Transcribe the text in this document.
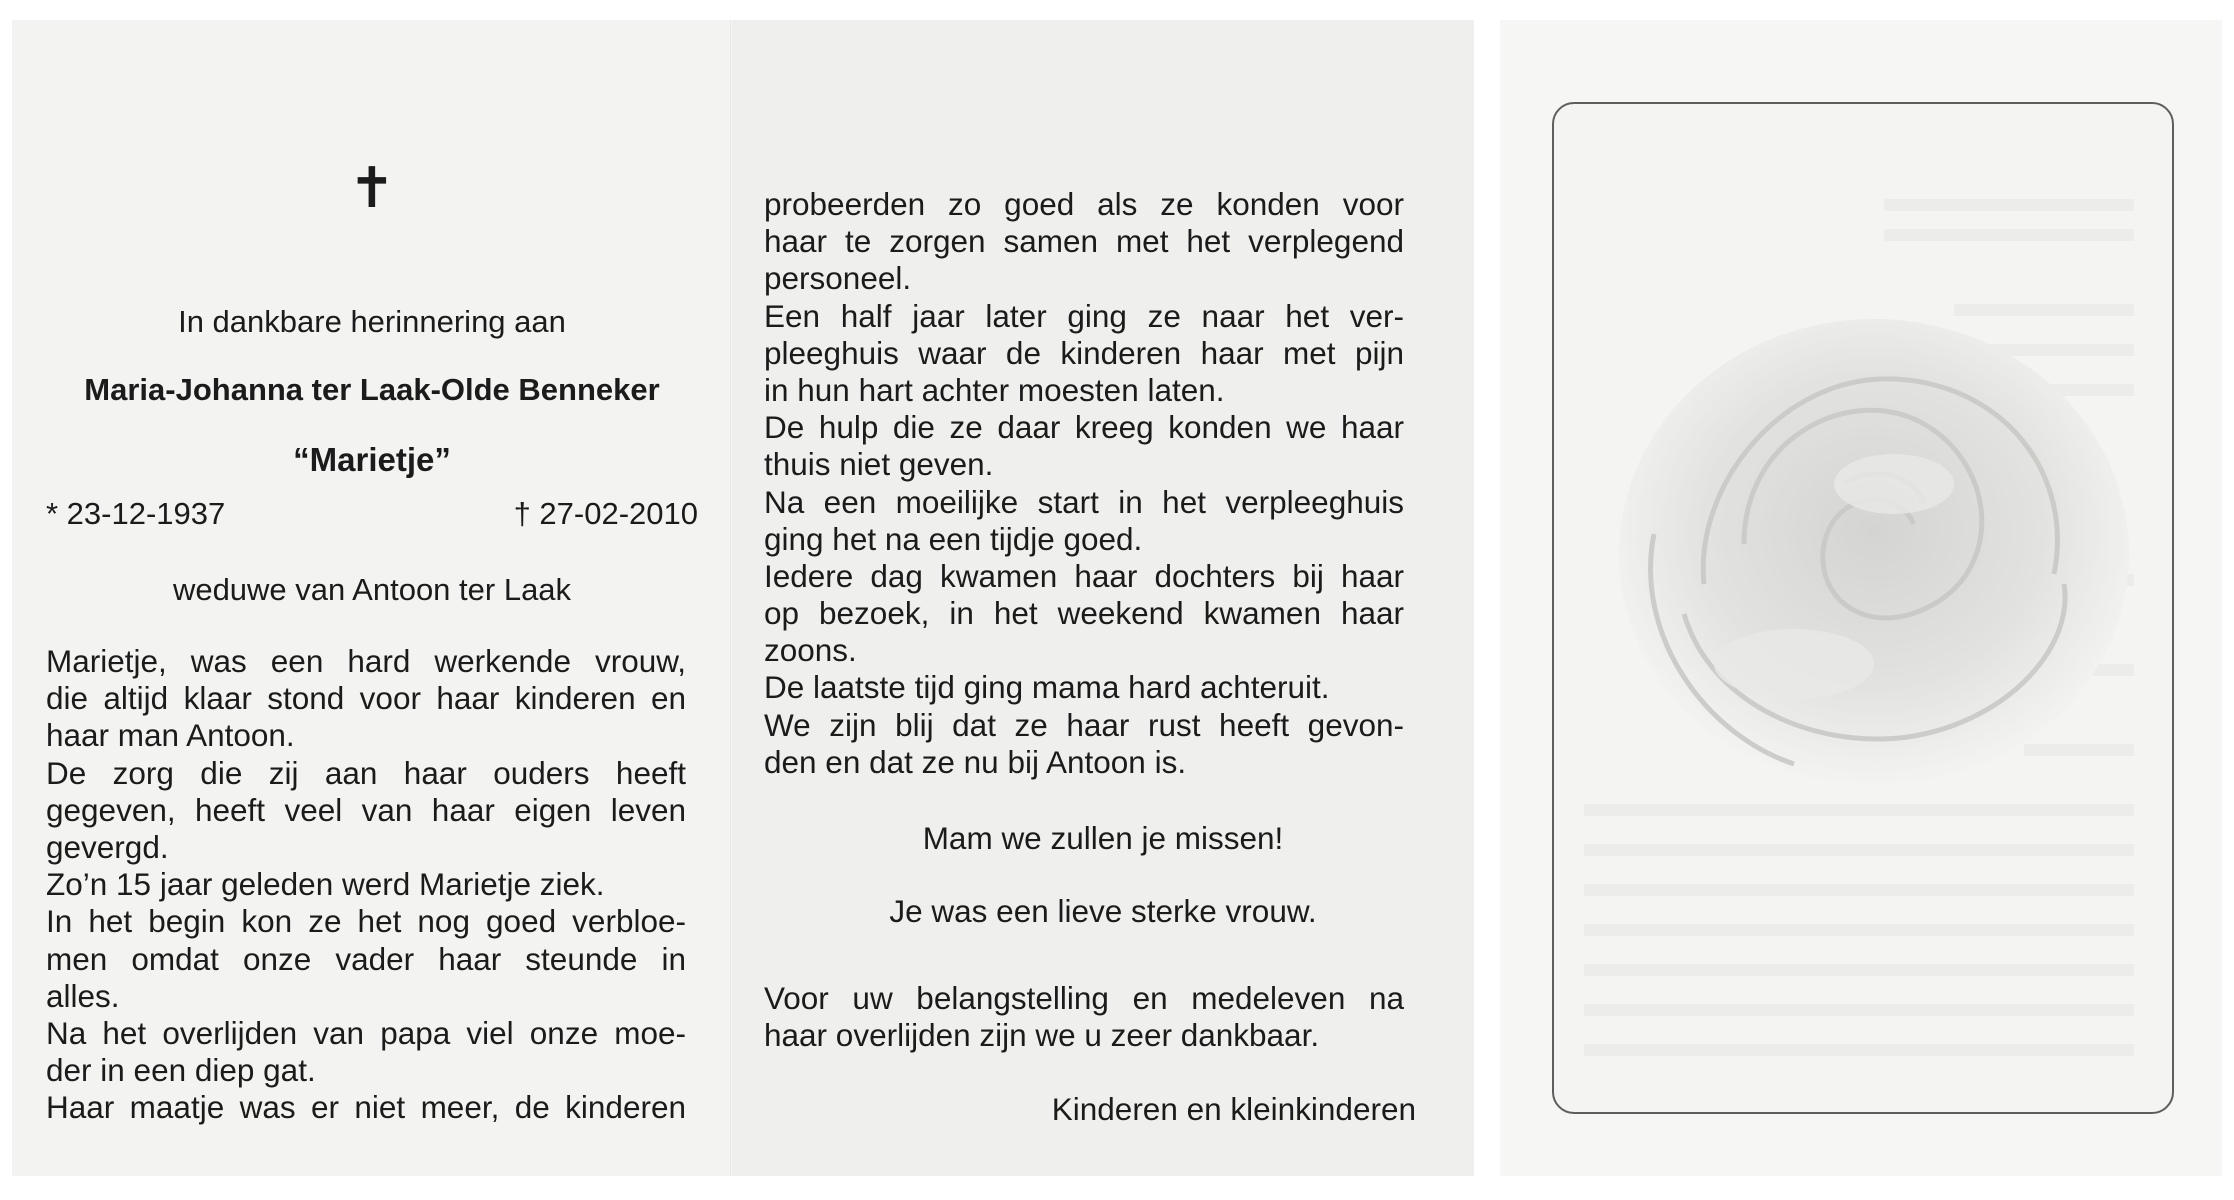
✝
In dankbare herinnering aan
Maria-Johanna ter Laak-Olde Benneker
“Marietje”
* 23-12-1937	† 27-02-2010
weduwe van Antoon ter Laak
Marietje, was een hard werkende vrouw,
die altijd klaar stond voor haar kinderen en
haar man Antoon.
De zorg die zij aan haar ouders heeft
gegeven, heeft veel van haar eigen leven
gevergd.
Zo’n 15 jaar geleden werd Marietje ziek.
In het begin kon ze het nog goed verbloe-
men omdat onze vader haar steunde in
alles.
Na het overlijden van papa viel onze moe-
der in een diep gat.
Haar maatje was er niet meer, de kinderen
probeerden zo goed als ze konden voor
haar te zorgen samen met het verplegend
personeel.
Een half jaar later ging ze naar het ver-
pleeghuis waar de kinderen haar met pijn
in hun hart achter moesten laten.
De hulp die ze daar kreeg konden we haar
thuis niet geven.
Na een moeilijke start in het verpleeghuis
ging het na een tijdje goed.
Iedere dag kwamen haar dochters bij haar
op bezoek, in het weekend kwamen haar
zoons.
De laatste tijd ging mama hard achteruit.
We zijn blij dat ze haar rust heeft gevon-
den en dat ze nu bij Antoon is.
Mam we zullen je missen!
Je was een lieve sterke vrouw.
Voor uw belangstelling en medeleven na
haar overlijden zijn we u zeer dankbaar.
Kinderen en kleinkinderen
